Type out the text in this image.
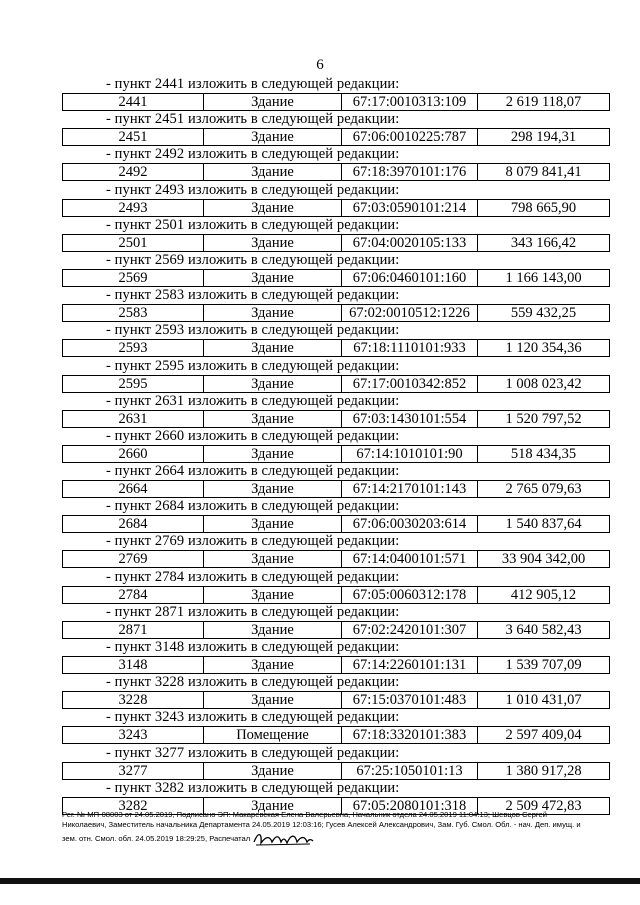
6
- пункт 2441 изложить в следующей редакции:
2441	Здание	67:17:0010313:109	2 619 118,07
- пункт 2451 изложить в следующей редакции:
2451	Здание	67:06:0010225:787	298 194,31
- пункт 2492 изложить в следующей редакции:
2492	Здание	67:18:3970101:176	8 079 841,41
- пункт 2493 изложить в следующей редакции:
2493	Здание	67:03:0590101:214	798 665,90
- пункт 2501 изложить в следующей редакции:
2501	Здание	67:04:0020105:133	343 166,42
- пункт 2569 изложить в следующей редакции:
2569	Здание	67:06:0460101:160	1 166 143,00
- пункт 2583 изложить в следующей редакции:
2583	Здание	67:02:0010512:1226	559 432,25
- пункт 2593 изложить в следующей редакции:
2593	Здание	67:18:1110101:933	1 120 354,36
- пункт 2595 изложить в следующей редакции:
2595	Здание	67:17:0010342:852	1 008 023,42
- пункт 2631 изложить в следующей редакции:
2631	Здание	67:03:1430101:554	1 520 797,52
- пункт 2660 изложить в следующей редакции:
2660	Здание	67:14:1010101:90	518 434,35
- пункт 2664 изложить в следующей редакции:
2664	Здание	67:14:2170101:143	2 765 079,63
- пункт 2684 изложить в следующей редакции:
2684	Здание	67:06:0030203:614	1 540 837,64
- пункт 2769 изложить в следующей редакции:
2769	Здание	67:14:0400101:571	33 904 342,00
- пункт 2784 изложить в следующей редакции:
2784	Здание	67:05:0060312:178	412 905,12
- пункт 2871 изложить в следующей редакции:
2871	Здание	67:02:2420101:307	3 640 582,43
- пункт 3148 изложить в следующей редакции:
3148	Здание	67:14:2260101:131	1 539 707,09
- пункт 3228 изложить в следующей редакции:
3228	Здание	67:15:0370101:483	1 010 431,07
- пункт 3243 изложить в следующей редакции:
3243	Помещение	67:18:3320101:383	2 597 409,04
- пункт 3277 изложить в следующей редакции:
3277	Здание	67:25:1050101:13	1 380 917,28
- пункт 3282 изложить в следующей редакции:
3282	Здание	67:05:2080101:318	2 509 472,83
Рег. № МП-08003 от 24.05.2019, Подписано ЭП: Макаревская Елена Валерьевна, Начальник отдела 24.05.2019 11:04:13; Шевцов Сергей
Николаевич, Заместитель начальника Департамента 24.05.2019 12:03:16; Гусев Алексей Александрович, Зам. Губ. Смол. Обл. - нач. Деп. имущ. и
зем. отн. Смол. обл. 24.05.2019 18:29:25, Распечатал
